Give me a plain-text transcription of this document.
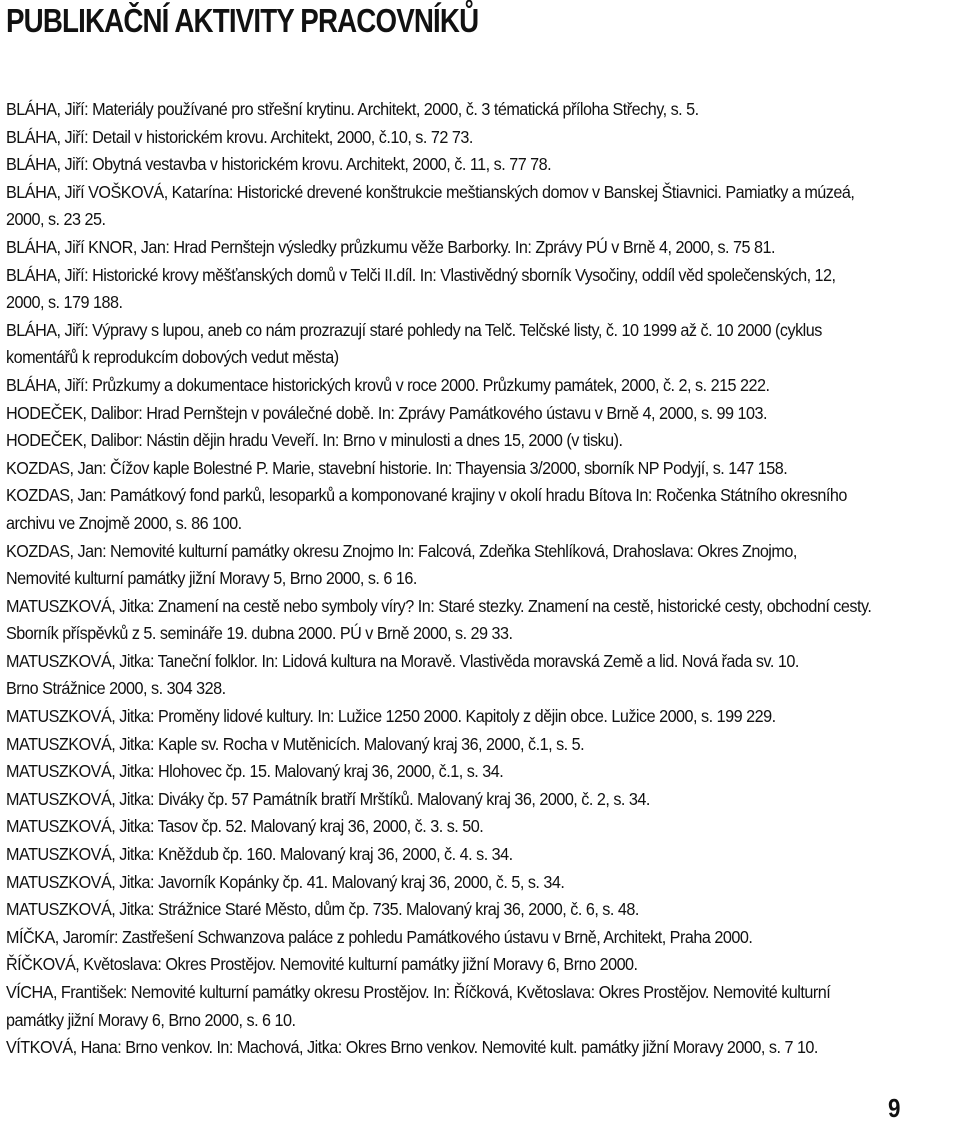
PUBLIKAČNÍ AKTIVITY PRACOVNÍKŮ
BLÁHA, Jiří: Materiály používané pro střešní krytinu. Architekt, 2000, č. 3 tématická příloha Střechy, s. 5.
BLÁHA, Jiří: Detail v historickém krovu. Architekt, 2000, č.10, s. 72 73.
BLÁHA, Jiří: Obytná vestavba v historickém krovu. Architekt, 2000, č. 11, s. 77 78.
BLÁHA, Jiří VOŠKOVÁ, Katarína: Historické drevené konštrukcie meštianských domov v Banskej Štiavnici. Pamiatky a múzeá,
2000, s. 23 25.
BLÁHA, Jiří KNOR, Jan: Hrad Pernštejn výsledky průzkumu věže Barborky. In: Zprávy PÚ v Brně 4, 2000, s. 75 81.
BLÁHA, Jiří: Historické krovy měšťanských domů v Telči II.díl. In: Vlastivědný sborník Vysočiny, oddíl věd společenských, 12,
2000, s. 179 188.
BLÁHA, Jiří: Výpravy s lupou, aneb co nám prozrazují staré pohledy na Telč. Telčské listy, č. 10 1999 až č. 10 2000 (cyklus
komentářů k reprodukcím dobových vedut města)
BLÁHA, Jiří: Průzkumy a dokumentace historických krovů v roce 2000. Průzkumy památek, 2000, č. 2, s. 215 222.
HODEČEK, Dalibor: Hrad Pernštejn v poválečné době. In: Zprávy Památkového ústavu v Brně 4, 2000, s. 99 103.
HODEČEK, Dalibor: Nástin dějin hradu Veveří. In: Brno v minulosti a dnes 15, 2000 (v tisku).
KOZDAS, Jan: Čížov kaple Bolestné P. Marie, stavební historie. In: Thayensia 3/2000, sborník NP Podyjí, s. 147 158.
KOZDAS, Jan: Památkový fond parků, lesoparků a komponované krajiny v okolí hradu Bítova In: Ročenka Státního okresního
archivu ve Znojmě 2000, s. 86 100.
KOZDAS, Jan: Nemovité kulturní památky okresu Znojmo In: Falcová, Zdeňka Stehlíková, Drahoslava: Okres Znojmo,
Nemovité kulturní památky jižní Moravy 5, Brno 2000, s. 6 16.
MATUSZKOVÁ, Jitka: Znamení na cestě nebo symboly víry? In: Staré stezky. Znamení na cestě, historické cesty, obchodní cesty.
Sborník příspěvků z 5. semináře 19. dubna 2000. PÚ v Brně 2000, s. 29 33.
MATUSZKOVÁ, Jitka: Taneční folklor. In: Lidová kultura na Moravě. Vlastivěda moravská Země a lid. Nová řada sv. 10.
Brno Strážnice 2000, s. 304 328.
MATUSZKOVÁ, Jitka: Proměny lidové kultury. In: Lužice 1250 2000. Kapitoly z dějin obce. Lužice 2000, s. 199 229.
MATUSZKOVÁ, Jitka: Kaple sv. Rocha v Mutěnicích. Malovaný kraj 36, 2000, č.1, s. 5.
MATUSZKOVÁ, Jitka: Hlohovec čp. 15. Malovaný kraj 36, 2000, č.1, s. 34.
MATUSZKOVÁ, Jitka: Diváky čp. 57 Památník bratří Mrštíků. Malovaný kraj 36, 2000, č. 2, s. 34.
MATUSZKOVÁ, Jitka: Tasov čp. 52. Malovaný kraj 36, 2000, č. 3. s. 50.
MATUSZKOVÁ, Jitka: Kněždub čp. 160. Malovaný kraj 36, 2000, č. 4. s. 34.
MATUSZKOVÁ, Jitka: Javorník Kopánky čp. 41. Malovaný kraj 36, 2000, č. 5, s. 34.
MATUSZKOVÁ, Jitka: Strážnice Staré Město, dům čp. 735. Malovaný kraj 36, 2000, č. 6, s. 48.
MÍČKA, Jaromír: Zastřešení Schwanzova paláce z pohledu Památkového ústavu v Brně, Architekt, Praha 2000.
ŘÍČKOVÁ, Květoslava: Okres Prostějov. Nemovité kulturní památky jižní Moravy 6, Brno 2000.
VÍCHA, František: Nemovité kulturní památky okresu Prostějov. In: Říčková, Květoslava: Okres Prostějov. Nemovité kulturní
památky jižní Moravy 6, Brno 2000, s. 6 10.
VÍTKOVÁ, Hana: Brno venkov. In: Machová, Jitka: Okres Brno venkov. Nemovité kult. památky jižní Moravy 2000, s. 7 10.
9
